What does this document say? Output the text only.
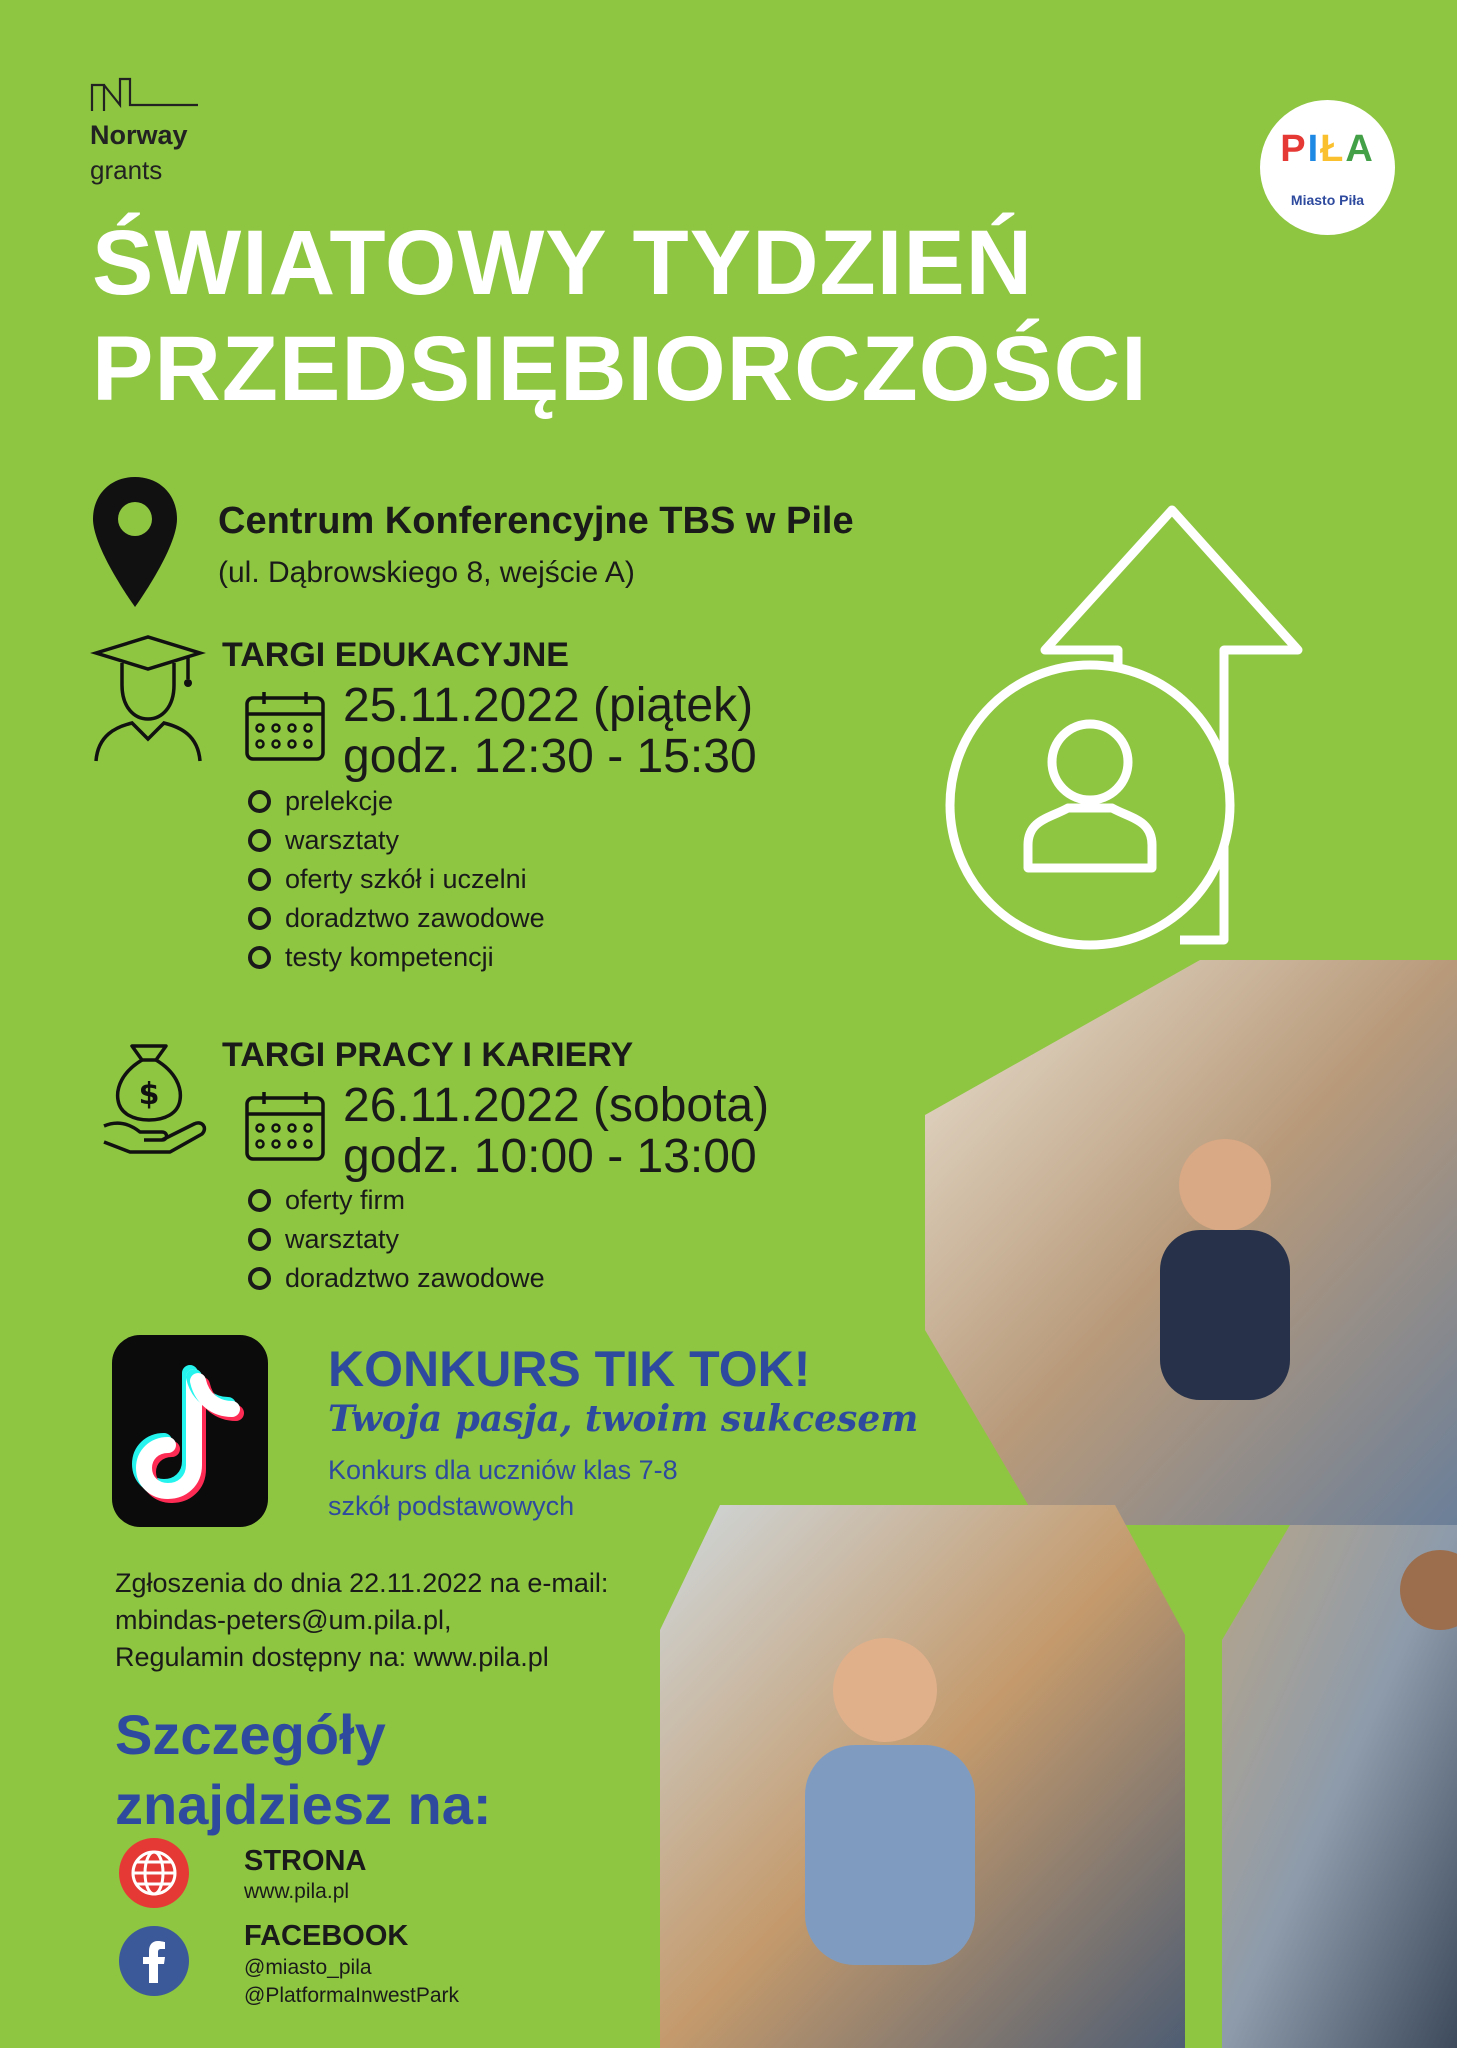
Norway
grants	PIŁA
Miasto Piła
ŚWIATOWY TYDZIEŃ
PRZEDSIĘBIORCZOŚCI
Centrum Konferencyjne TBS w Pile
(ul. Dąbrowskiego 8, wejście A)
TARGI EDUKACYJNE
25.11.2022 (piątek)
godz. 12:30 - 15:30
prelekcje
warsztaty
oferty szkół i uczelni
doradztwo zawodowe
testy kompetencji
$
TARGI PRACY I KARIERY
26.11.2022 (sobota)
godz. 10:00 - 13:00
oferty firm
warsztaty
doradztwo zawodowe
KONKURS TIK TOK!
Twoja pasja, twoim sukcesem
Konkurs dla uczniów klas 7-8
szkół podstawowych
Zgłoszenia do dnia 22.11.2022 na e-mail:
mbindas-peters@um.pila.pl,
Regulamin dostępny na: www.pila.pl
Szczegóły
znajdziesz na:
STRONA
www.pila.pl
FACEBOOK
@miasto_pila
@PlatformaInwestPark
